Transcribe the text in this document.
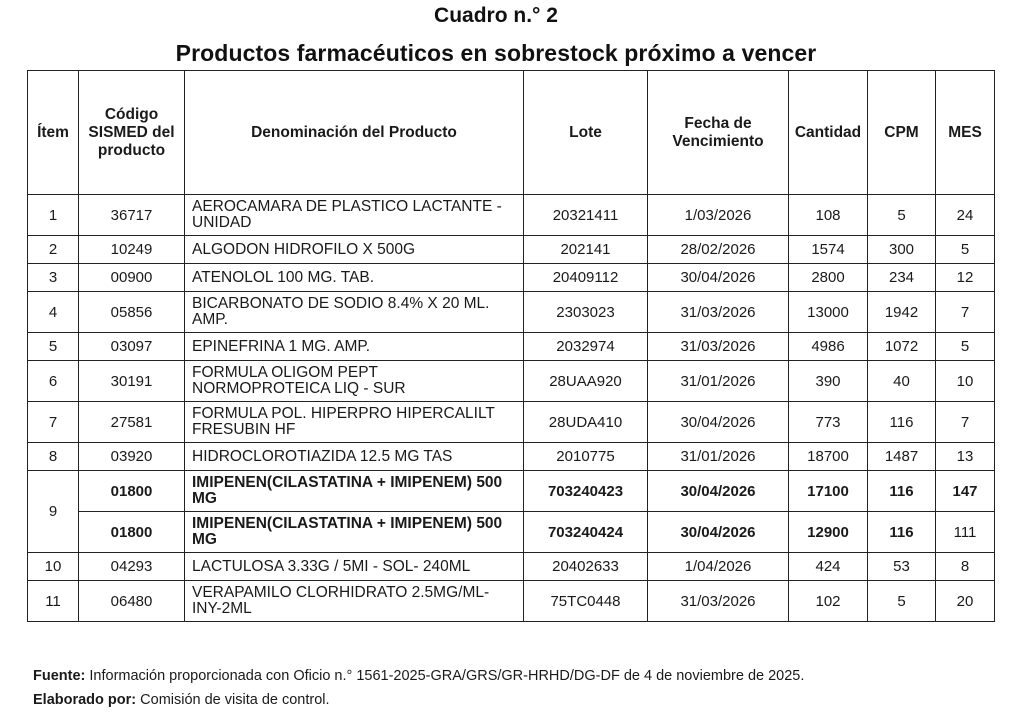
Cuadro n.° 2
Productos farmacéuticos en sobrestock próximo a vencer
Ítem	Código SISMED del producto	Denominación del Producto	Lote	Fecha de Vencimiento	Cantidad	CPM	MES
1	36717	AEROCAMARA DE PLASTICO LACTANTE - UNIDAD	20321411	1/03/2026	108	5	24
2	10249	ALGODON HIDROFILO X 500G	202141	28/02/2026	1574	300	5
3	00900	ATENOLOL 100 MG. TAB.	20409112	30/04/2026	2800	234	12
4	05856	BICARBONATO DE SODIO 8.4% X 20 ML. AMP.	2303023	31/03/2026	13000	1942	7
5	03097	EPINEFRINA 1 MG. AMP.	2032974	31/03/2026	4986	1072	5
6	30191	FORMULA OLIGOM PEPT NORMOPROTEICA LIQ - SUR	28UAA920	31/01/2026	390	40	10
7	27581	FORMULA POL. HIPERPRO HIPERCALILT FRESUBIN HF	28UDA410	30/04/2026	773	116	7
8	03920	HIDROCLOROTIAZIDA 12.5 MG TAS	2010775	31/01/2026	18700	1487	13
9	01800	IMIPENEN(CILASTATINA + IMIPENEM) 500 MG	703240423	30/04/2026	17100	116	147
	01800	IMIPENEN(CILASTATINA + IMIPENEM) 500 MG	703240424	30/04/2026	12900	116	111
10	04293	LACTULOSA 3.33G / 5MI - SOL- 240ML	20402633	1/04/2026	424	53	8
11	06480	VERAPAMILO CLORHIDRATO 2.5MG/ML- INY-2ML	75TC0448	31/03/2026	102	5	20
Fuente: Información proporcionada con Oficio n.° 1561-2025-GRA/GRS/GR-HRHD/DG-DF de 4 de noviembre de 2025.
Elaborado por: Comisión de visita de control.
